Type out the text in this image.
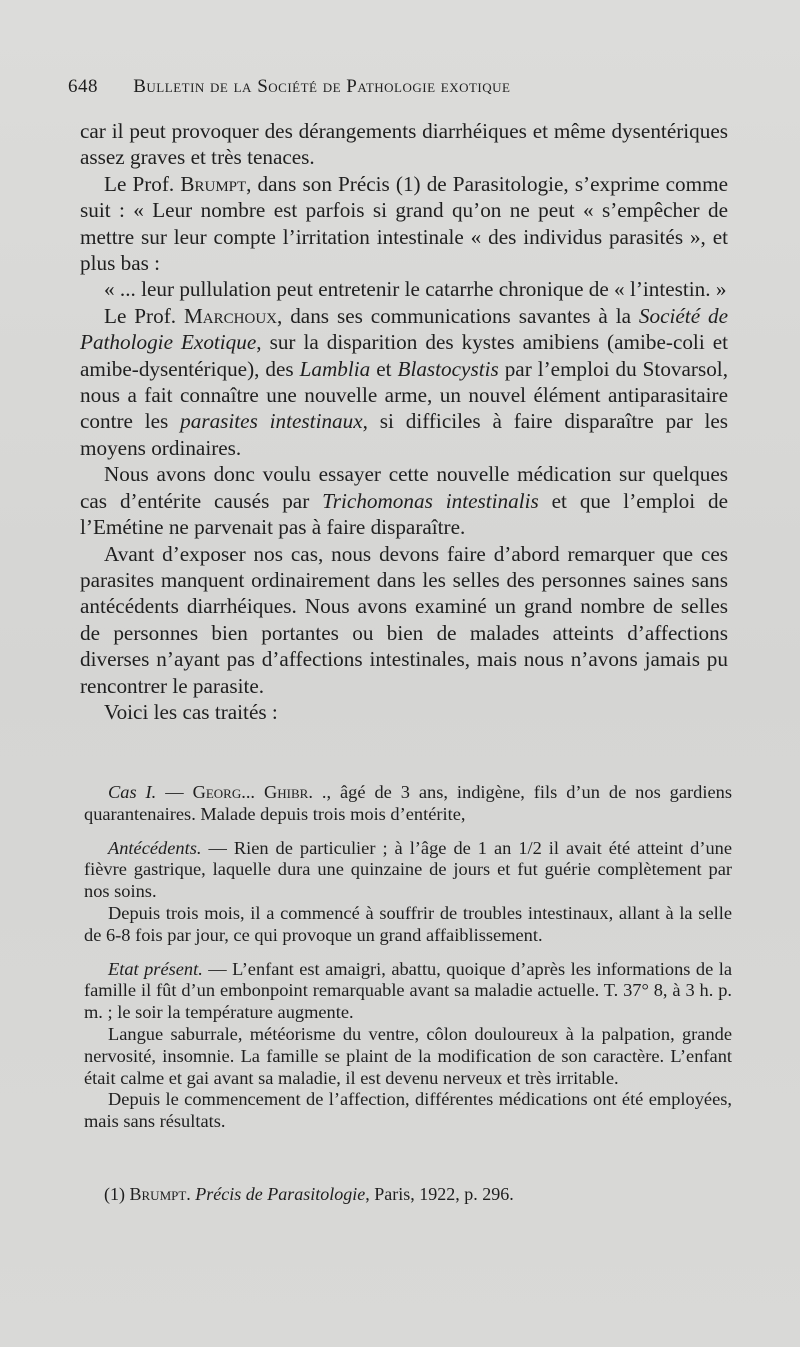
648 Bulletin de la Société de Pathologie exotique

car il peut provoquer des dérangements diarrhéiques et même dysentériques assez graves et très tenaces.

Le Prof. Brumpt, dans son Précis (1) de Parasitologie, s’exprime comme suit : « Leur nombre est parfois si grand qu’on ne peut « s’empêcher de mettre sur leur compte l’irritation intestinale « des individus parasités », et plus bas :

« ... leur pullulation peut entretenir le catarrhe chronique de « l’intestin. »

Le Prof. Marchoux, dans ses communications savantes à la Société de Pathologie Exotique, sur la disparition des kystes amibiens (amibe-coli et amibe-dysentérique), des Lamblia et Blastocystis par l’emploi du Stovarsol, nous a fait connaître une nouvelle arme, un nouvel élément antiparasitaire contre les parasites intestinaux, si difficiles à faire disparaître par les moyens ordinaires.

Nous avons donc voulu essayer cette nouvelle médication sur quelques cas d’entérite causés par Trichomonas intestinalis et que l’emploi de l’Emétine ne parvenait pas à faire disparaître.

Avant d’exposer nos cas, nous devons faire d’abord remarquer que ces parasites manquent ordinairement dans les selles des personnes saines sans antécédents diarrhéiques. Nous avons examiné un grand nombre de selles de personnes bien portantes ou bien de malades atteints d’affections diverses n’ayant pas d’affections intestinales, mais nous n’avons jamais pu rencontrer le parasite.

Voici les cas traités :

Cas I. — Georg... Ghibr. ., âgé de 3 ans, indigène, fils d’un de nos gardiens quarantenaires. Malade depuis trois mois d’entérite,

Antécédents. — Rien de particulier ; à l’âge de 1 an 1/2 il avait été atteint d’une fièvre gastrique, laquelle dura une quinzaine de jours et fut guérie complètement par nos soins.

Depuis trois mois, il a commencé à souffrir de troubles intestinaux, allant à la selle de 6-8 fois par jour, ce qui provoque un grand affaiblissement.

Etat présent. — L’enfant est amaigri, abattu, quoique d’après les informations de la famille il fût d’un embonpoint remarquable avant sa maladie actuelle. T. 37° 8, à 3 h. p. m. ; le soir la température augmente.

Langue saburrale, météorisme du ventre, côlon douloureux à la palpation, grande nervosité, insomnie. La famille se plaint de la modification de son caractère. L’enfant était calme et gai avant sa maladie, il est devenu nerveux et très irritable.

Depuis le commencement de l’affection, différentes médications ont été employées, mais sans résultats.

(1) Brumpt. Précis de Parasitologie, Paris, 1922, p. 296.
